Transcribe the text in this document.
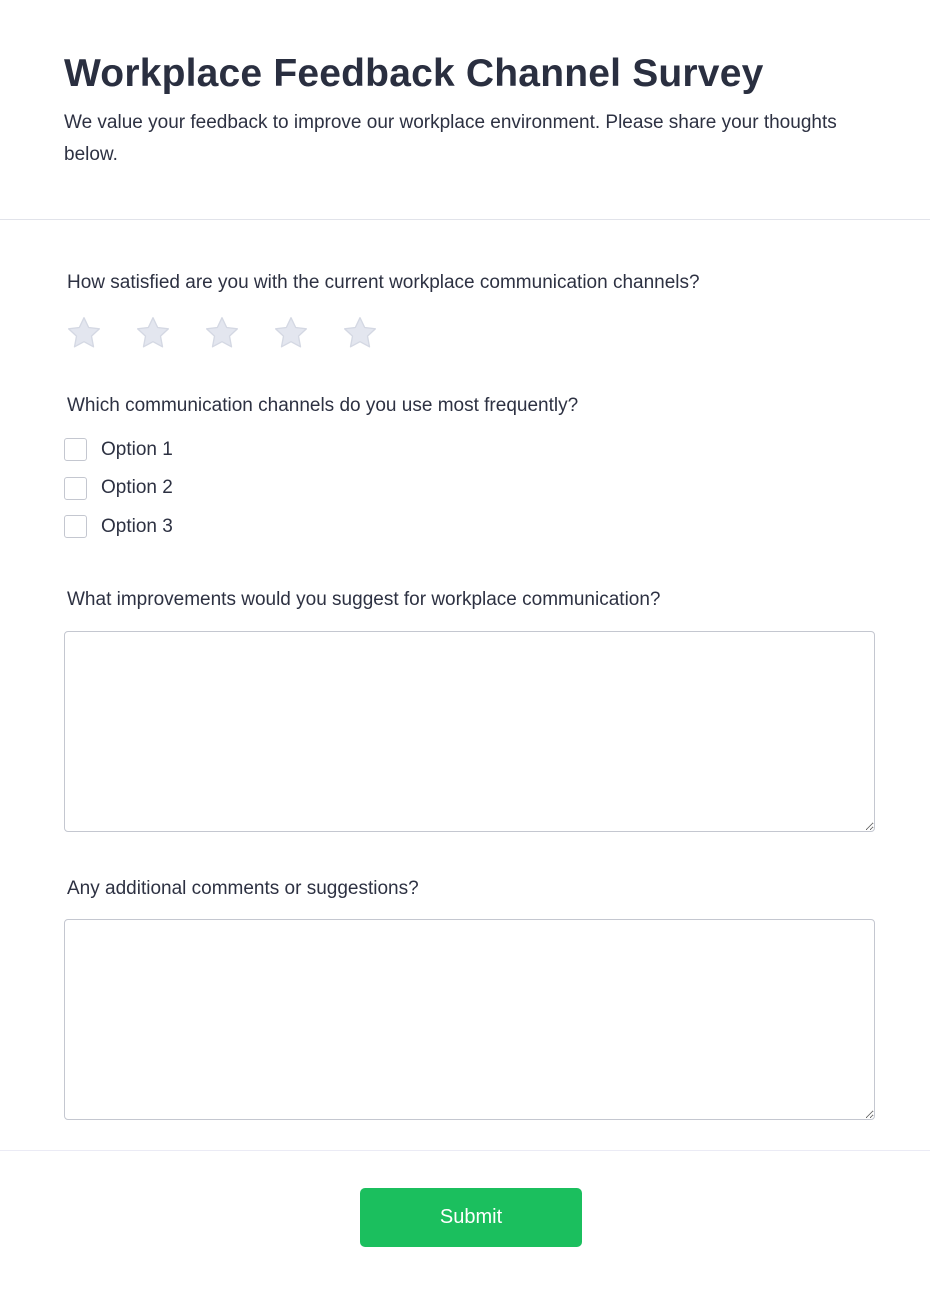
Workplace Feedback Channel Survey

We value your feedback to improve our workplace environment. Please share your thoughts below.

How satisfied are you with the current workplace communication channels?

Which communication channels do you use most frequently?

Option 1
Option 2
Option 3

What improvements would you suggest for workplace communication?

Any additional comments or suggestions?

Submit
